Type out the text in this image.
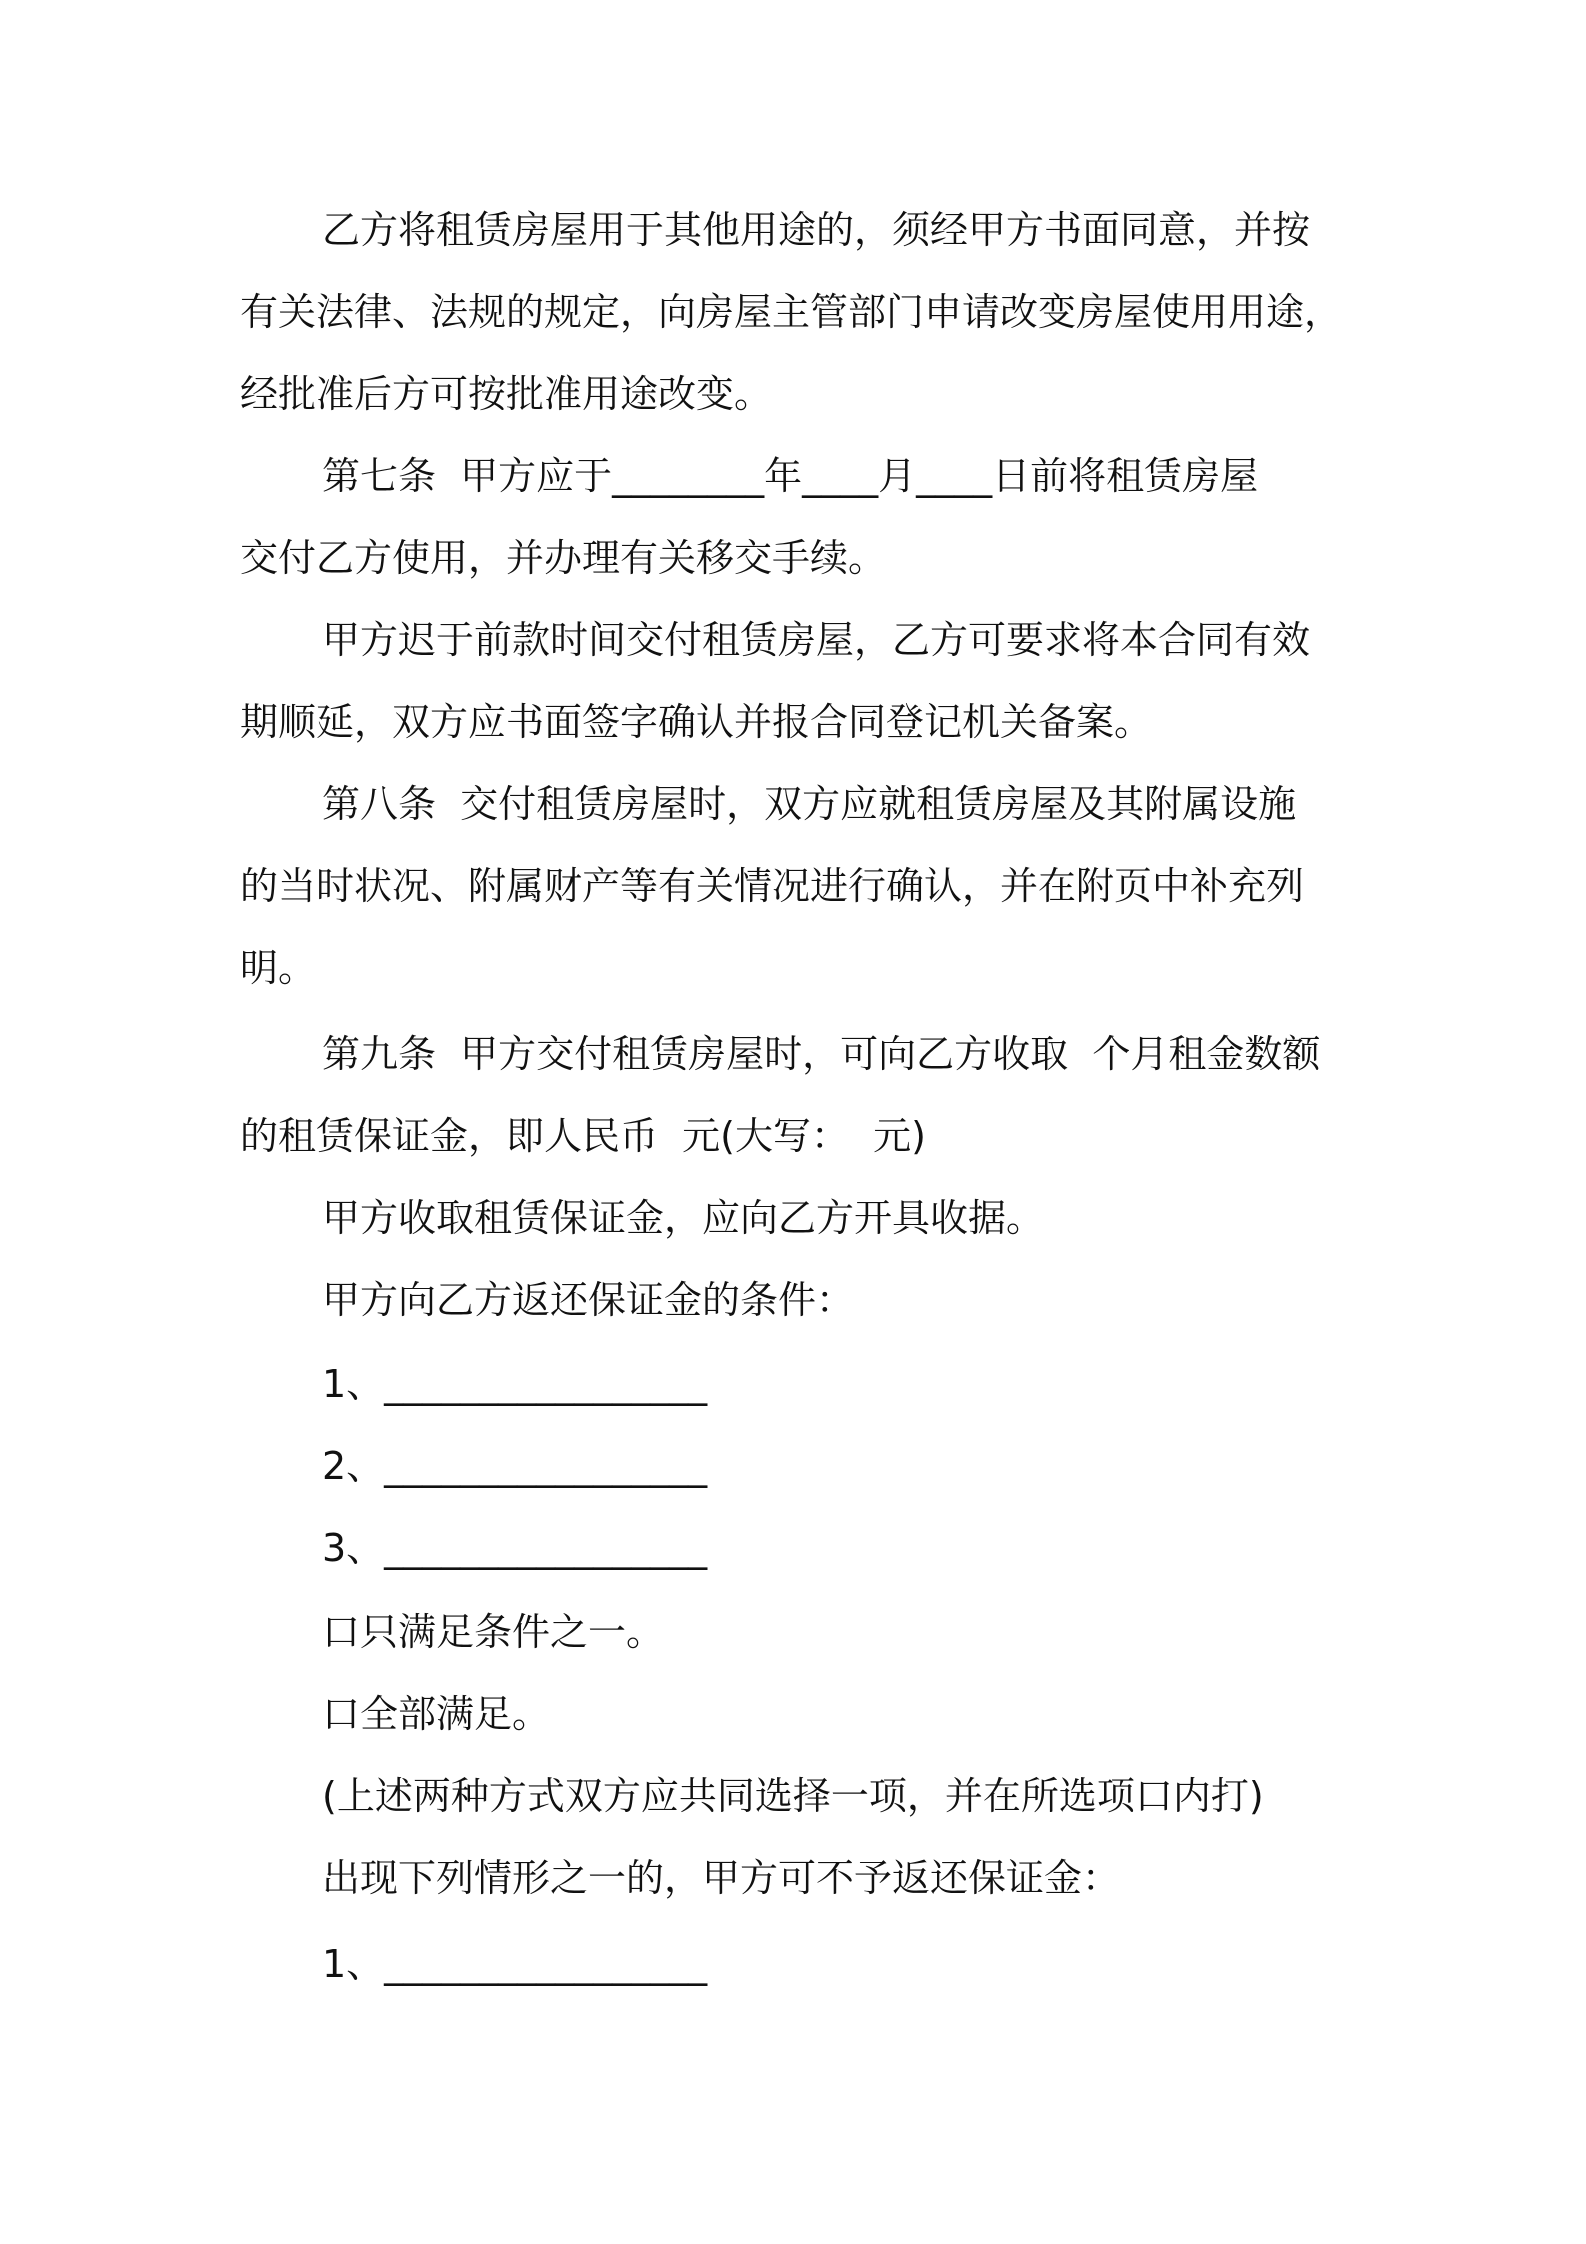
乙方将租赁房屋用于其他用途的，须经甲方书面同意，并按
有关法律、法规的规定，向房屋主管部门申请改变房屋使用用途，
经批准后方可按批准用途改变。
第七条  甲方应于________年____月____日前将租赁房屋
交付乙方使用，并办理有关移交手续。
甲方迟于前款时间交付租赁房屋，乙方可要求将本合同有效
期顺延，双方应书面签字确认并报合同登记机关备案。
第八条  交付租赁房屋时，双方应就租赁房屋及其附属设施
的当时状况、附属财产等有关情况进行确认，并在附页中补充列
明。
第九条  甲方交付租赁房屋时，可向乙方收取  个月租金数额
的租赁保证金，即人民币  元(大写：  元)
甲方收取租赁保证金，应向乙方开具收据。
甲方向乙方返还保证金的条件：
1、_________________
2、_________________
3、_________________
口只满足条件之一。
口全部满足。
(上述两种方式双方应共同选择一项，并在所选项口内打)
出现下列情形之一的，甲方可不予返还保证金：
1、_________________
